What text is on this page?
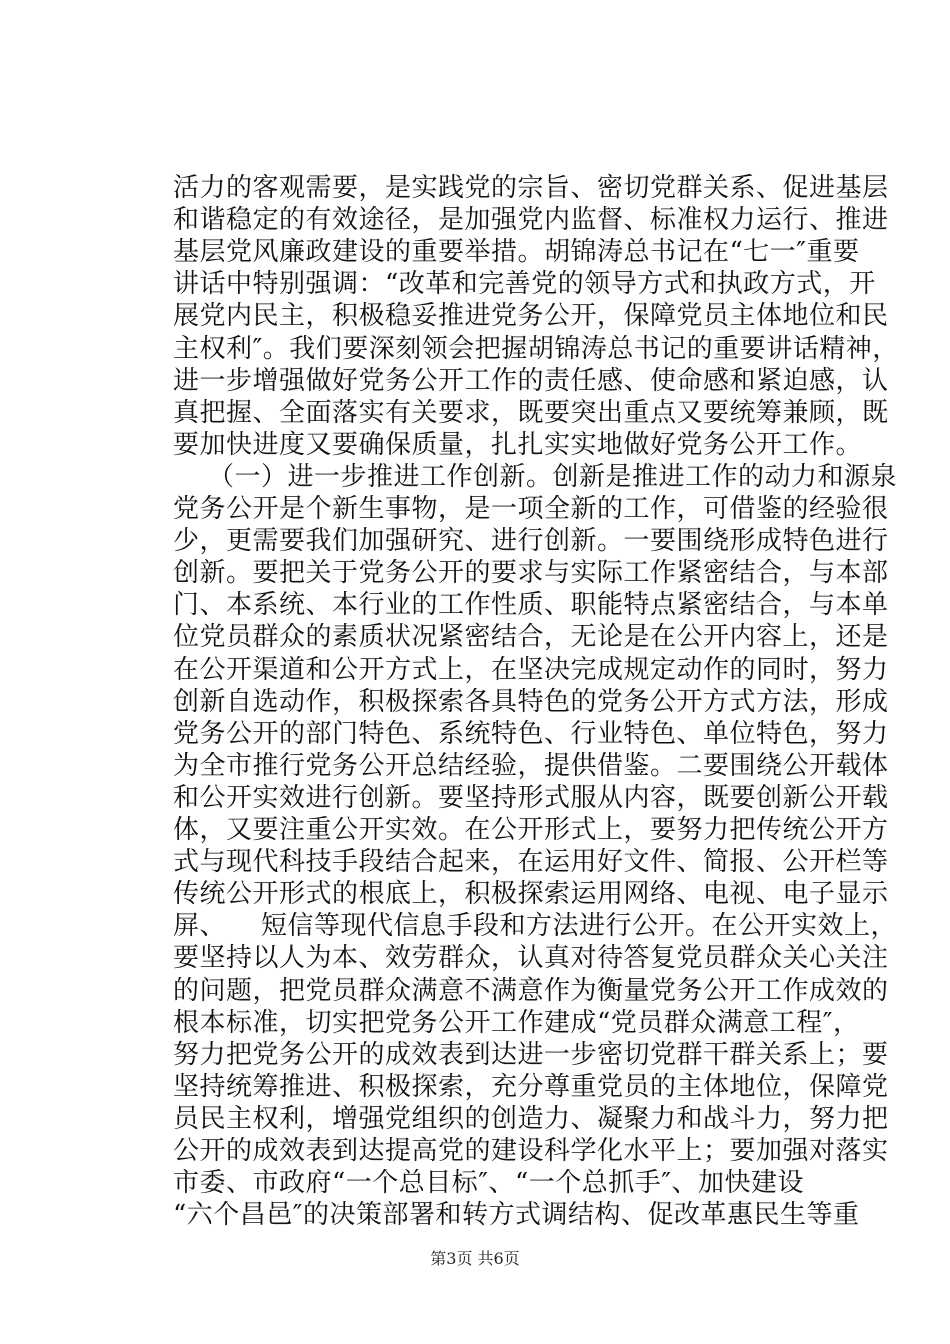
活力的客观需要，是实践党的宗旨、密切党群关系、促进基层
和谐稳定的有效途径，是加强党内监督、标准权力运行、推进
基层党风廉政建设的重要举措。胡锦涛总书记在“七一″重要
讲话中特别强调：“改革和完善党的领导方式和执政方式，开
展党内民主，积极稳妥推进党务公开，保障党员主体地位和民
主权利″。我们要深刻领会把握胡锦涛总书记的重要讲话精神，
进一步增强做好党务公开工作的责任感、使命感和紧迫感，认
真把握、全面落实有关要求，既要突出重点又要统筹兼顾，既
要加快进度又要确保质量，扎扎实实地做好党务公开工作。
（一）进一步推进工作创新。创新是推进工作的动力和源泉
党务公开是个新生事物，是一项全新的工作，可借鉴的经验很
少，更需要我们加强研究、进行创新。一要围绕形成特色进行
创新。要把关于党务公开的要求与实际工作紧密结合，与本部
门、本系统、本行业的工作性质、职能特点紧密结合，与本单
位党员群众的素质状况紧密结合，无论是在公开内容上，还是
在公开渠道和公开方式上，在坚决完成规定动作的同时，努力
创新自选动作，积极探索各具特色的党务公开方式方法，形成
党务公开的部门特色、系统特色、行业特色、单位特色，努力
为全市推行党务公开总结经验，提供借鉴。二要围绕公开载体
和公开实效进行创新。要坚持形式服从内容，既要创新公开载
体，又要注重公开实效。在公开形式上，要努力把传统公开方
式与现代科技手段结合起来，在运用好文件、简报、公开栏等
传统公开形式的根底上，积极探索运用网络、电视、电子显示
屏、    短信等现代信息手段和方法进行公开。在公开实效上，
要坚持以人为本、效劳群众，认真对待答复党员群众关心关注
的问题，把党员群众满意不满意作为衡量党务公开工作成效的
根本标准，切实把党务公开工作建成“党员群众满意工程″，
努力把党务公开的成效表到达进一步密切党群干群关系上；要
坚持统筹推进、积极探索，充分尊重党员的主体地位，保障党
员民主权利，增强党组织的创造力、凝聚力和战斗力，努力把
公开的成效表到达提高党的建设科学化水平上；要加强对落实
市委、市政府“一个总目标″、“一个总抓手″、加快建设
“六个昌邑″的决策部署和转方式调结构、促改革惠民生等重
第3页 共6页
